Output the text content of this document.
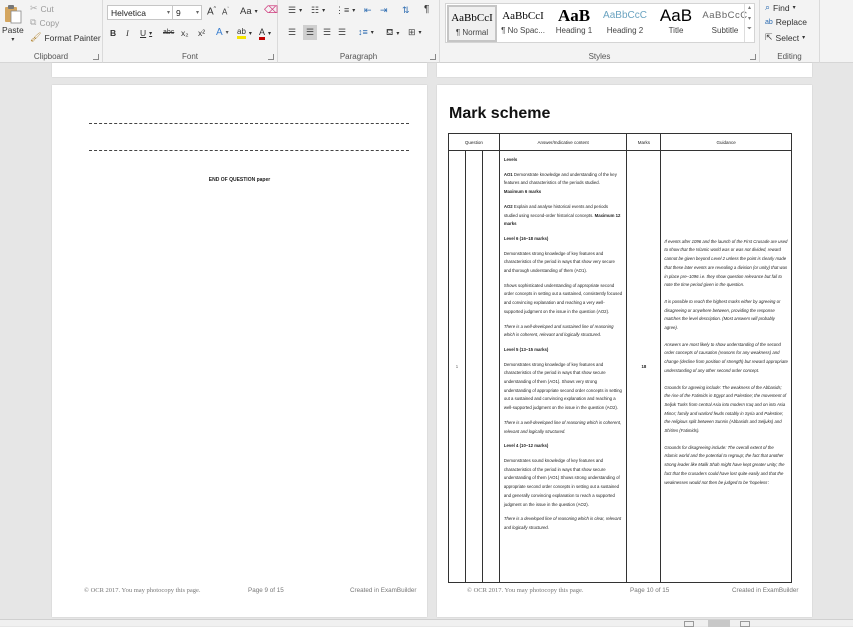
Paste
▾
✂ Cut
⧉ Copy
🖌 Format Painter
Clipboard
Helvetica	▾ 9	▾ A^ $A^ˇ$ Aa ▾ ⌫
B I U ▾ abc x₂ x² A ▾ ab ▾ A ▾
Font
☰ ▾ ☷ ▾ ⋮≡ ▾ ⇤ ⇥ ⇅ ¶
☰ ☰ ☰ ☰ ↕≡ ▾ ⛾ ▾ ⊞ ▾
Paragraph	Styles
AaBbCcI
¶ Normal
AaBbCcI
¶ No Spac...
AaB
Heading 1
AaBbCcC
Heading 2
AaB
Title
AaBbCcC
Subtitle
▴
▾
⏷
⌕ Find ▾
ab Replace
⇱ Select ▾
Editing
END OF QUESTION paper
© OCR 2017. You may photocopy this page.	Page 9 of 15	Created in ExamBuilder
Mark scheme
© OCR 2017. You may photocopy this page.	Page 10 of 15	Created in ExamBuilder
Question			Answer/Indicative content	Marks	Guidance
1			

Levels

AO1 Demonstrate knowledge and understanding of the key features and characteristics of the periods studied.
Maximum 6 marks

AO2 Explain and analyse historical events and periods studied using second-order historical concepts. Maximum 12 marks

Level 6 (16–18 marks)

Demonstrates strong knowledge of key features and characteristics of the period in ways that show very secure and thorough understanding of them (AO1).

Shows sophisticated understanding of appropriate second order concepts in setting out a sustained, consistently focused and convincing explanation and reaching a very well-supported judgment on the issue in the question (AO2).

There is a well-developed and sustained line of reasoning which is coherent, relevant and logically structured.

Level 5 (13–15 marks)

Demonstrates strong knowledge of key features and characteristics of the period in ways that show secure understanding of them (AO1). Shows very strong understanding of appropriate second order concepts in setting out a sustained and convincing explanation and reaching a well-supported judgment on the issue in the question (AO2).

There is a well-developed line of reasoning which is coherent, relevant and logically structured.

Level 4 (10–12 marks)

Demonstrates sound knowledge of key features and characteristics of the period in ways that show secure understanding of them (AO1) Shows strong understanding of appropriate second order concepts in setting out a sustained and generally convincing explanation to reach a supported judgment on the issue in the question (AO2).

There is a developed line of reasoning which is clear, relevant and logically structured.

	18	

If events after 1096 and the launch of the First Crusade are used to show that the Islamic world was or was not divided, reward cannot be given beyond Level 2 unless the point is clearly made that these later events are revealing a division (or unity) that was in place pre–1096 i.e. they show question relevance but fail to note the time period given in the question.

It is possible to reach the highest marks either by agreeing or disagreeing or anywhere between, providing the response matches the level description. (Most answers will probably agree).

Answers are most likely to show understanding of the second order concepts of causation (reasons for any weakness) and change (decline from position of strength) but reward appropriate understanding of any other second order concept.

Grounds for agreeing include: The weakness of the Abbasids; the rise of the Fatimids in Egypt and Palestine; the movement of Seljuk Turks from central Asia into modern Iraq and on into Asia Minor; family and warlord feuds notably in Syria and Palestine; the religious split between Sunnis (Abbasids and Seljuks) and Shi'ites (Fatimids).

Grounds for disagreeing include: The overall extent of the Islamic world and the potential to regroup; the fact that another strong leader like Malik Shah might have kept greater unity; the fact that the crusaders could have lost quite easily and that the weaknesses would not then be judged to be ‘hopeless’.
